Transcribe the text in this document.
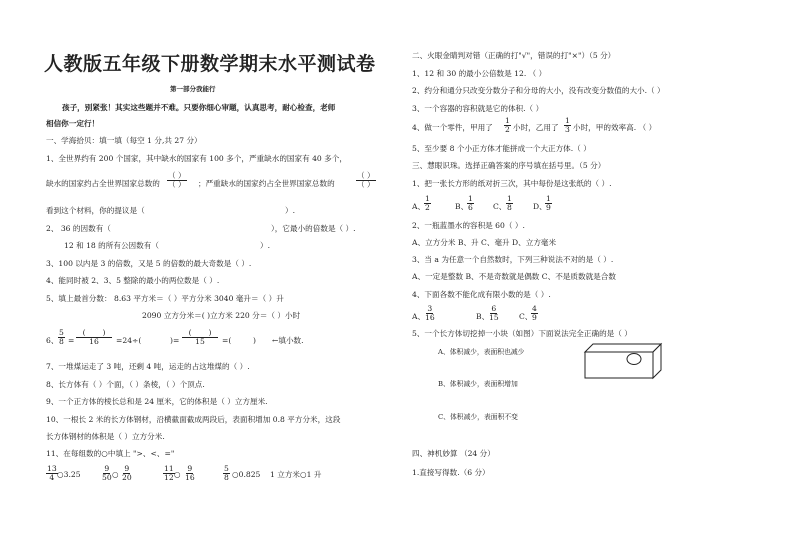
人教版五年级下册数学期末水平测试卷
第一部分我能行
孩子，别紧张！其实这些题并不难。只要你细心审题，认真思考，耐心检查，老师
相信你一定行！
一、学海拾贝：填一填（每空 1 分,共 27 分）
1、全世界约有 200 个国家，其中缺水的国家有 100 多个，严重缺水的国家有 40 多个，
缺水的国家约占全世界国家总数的
（ ）
（ ） ；严重缺水的国家约占全世界国家总数的
（ ）
（ ）
看到这个材料，你的提议是（	）.
2、 36 的因数有（	），它最小的倍数是（ ）.
12 和 18 的所有公因数有（	）.
3、100 以内是 3 的倍数，又是 5 的倍数的最大奇数是（ ）.
4、能同时被 2、3、5 整除的最小的两位数是（ ）.
5、填上最首分数： 8.63 平方米＝（ ）平方分米 3040 毫升＝（ ）升
2090 立方分米＝( )立方米 220 分＝（ ）小时
6、 $\frac{5}{8}$ =
(       )
16 =24÷(	)=
(       )
15 =(         ) ←填小数.
7、一堆煤运走了 3 吨，还剩 4 吨，运走的占这堆煤的（ ）.
8、长方体有（ ）个面，（ ）条棱，（ ）个顶点.
9、一个正方体的棱长总和是 24 厘米，它的体积是（ ）立方厘米.
10、一根长 2 米的长方体钢材，沿横截面截成两段后，表面积增加 0.8 平方分米，这段
长方体钢材的体积是（ ）立方分米.
11、在每组数的○中填上 ">、<、="
$\frac{13}{4}$ ○3.25	$\frac{9}{50}$ ○ $\frac{9}{20}$	$\frac{11}{12}$ ○ $\frac{9}{16}$	$\frac{5}{8}$ ○0.825 1 立方米○1 升
二、火眼金睛判对错（正确的打"√"，错误的打"×"）（5 分）
1、12 和 30 的最小公倍数是 12. （ ）
2、约分和通分只改变分数分子和分母的大小，没有改变分数值的大小.（ ）
3、一个容器的容积就是它的体积.（ ）
4、做一个零件，甲用了 $\frac{1}{2}$ 小时，乙用了 $\frac{1}{3}$ 小时，甲的效率高. （ ）
5、至少要 8 个小正方体才能拼成一个大正方体.（ ）
三、慧眼识珠。选择正确答案的序号填在括号里。（5 分）
1、把一张长方形的纸对折三次，其中每份是这张纸的（ ）.
A、
$\frac{1}{2}$	B、
$\frac{1}{6}$	C、 $\frac{1}{8}$	D、
$\frac{1}{9}$
2、一瓶蓝墨水的容积是 60（ ）.
A、立方分米 B、升 C、毫升 D、立方毫米
3、当 a 为任意一个自然数时，下列三种说法不对的是（ ）.
A、一定是整数 B、不是奇数就是偶数 C、不是质数就是合数
4、下面各数不能化成有限小数的是（ ）.
A、
$\frac{3}{16}$	B、
$\frac{6}{15}$	C、
$\frac{4}{9}$
5、一个长方体切挖掉一小块（如图）下面说法完全正确的是（ ）
A、体积减少，表面积也减少
B、体积减少，表面积增加
C、体积减少，表面积不变
四、神机妙算 （24 分）
1.直接写得数.（6 分）
